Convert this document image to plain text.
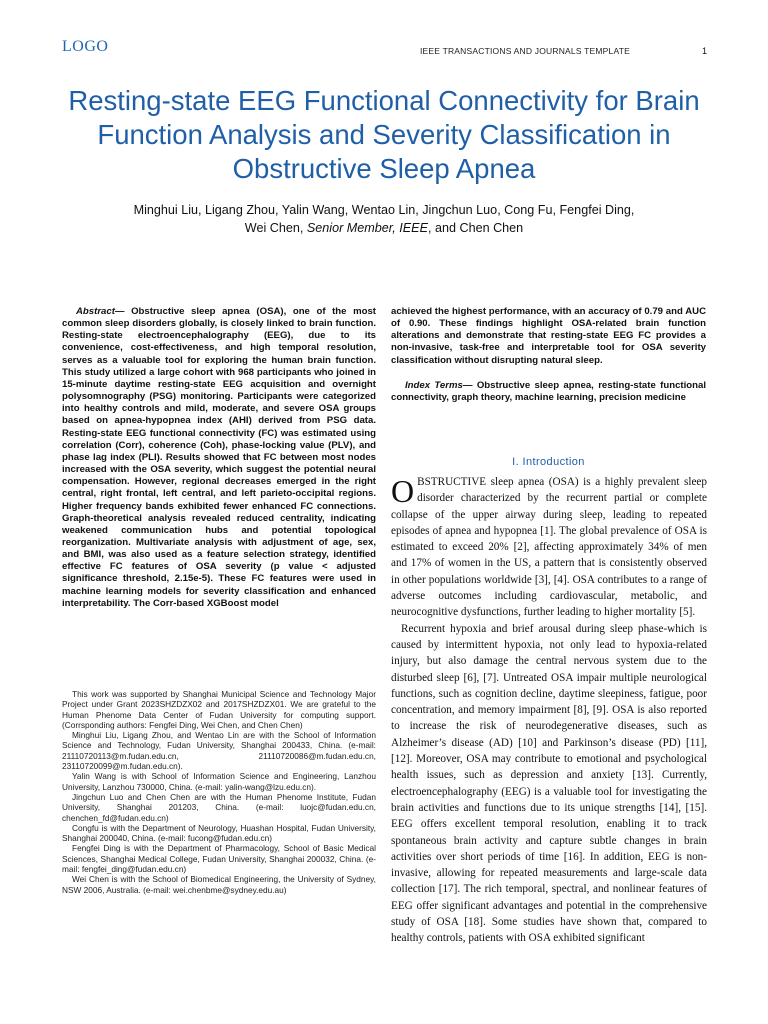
LOGO	IEEE TRANSACTIONS AND JOURNALS TEMPLATE	1
Resting-state EEG Functional Connectivity for Brain Function Analysis and Severity Classification in Obstructive Sleep Apnea
Minghui Liu, Ligang Zhou, Yalin Wang, Wentao Lin, Jingchun Luo, Cong Fu, Fengfei Ding,
Wei Chen, Senior Member, IEEE, and Chen Chen
Abstract— Obstructive sleep apnea (OSA), one of the most common sleep disorders globally, is closely linked to brain function. Resting-state electroencephalography (EEG), due to its convenience, cost-effectiveness, and high temporal resolution, serves as a valuable tool for exploring the human brain function. This study utilized a large cohort with 968 participants who joined in 15-minute daytime resting-state EEG acquisition and overnight polysomnography (PSG) monitoring. Participants were categorized into healthy controls and mild, moderate, and severe OSA groups based on apnea-hypopnea index (AHI) derived from PSG data. Resting-state EEG functional connectivity (FC) was estimated using correlation (Corr), coherence (Coh), phase-locking value (PLV), and phase lag index (PLI). Results showed that FC between most nodes increased with the OSA severity, which suggest the potential neural compensation. However, regional decreases emerged in the right central, right frontal, left central, and left parieto-occipital regions. Higher frequency bands exhibited fewer enhanced FC connections. Graph-theoretical analysis revealed reduced centrality, indicating weakened communication hubs and potential topological reorganization. Multivariate analysis with adjustment of age, sex, and BMI, was also used as a feature selection strategy, identified effective FC features of OSA severity (p value < adjusted significance threshold, 2.15e-5). These FC features were used in machine learning models for severity classification and enhanced interpretability. The Corr-based XGBoost model
achieved the highest performance, with an accuracy of 0.79 and AUC of 0.90. These findings highlight OSA-related brain function alterations and demonstrate that resting-state EEG FC provides a non-invasive, task-free and interpretable tool for OSA severity classification without disrupting natural sleep.
Index Terms— Obstructive sleep apnea, resting-state functional connectivity, graph theory, machine learning, precision medicine

This work was supported by Shanghai Municipal Science and Technology Major Project under Grant 2023SHZDZX02 and 2017SHZDZX01. We are grateful to the Human Phenome Data Center of Fudan University for computing support. (Corrsponding authors: Fengfei Ding, Wei Chen, and Chen Chen)

Minghui Liu, Ligang Zhou, and Wentao Lin are with the School of Information Science and Technology, Fudan University, Shanghai 200433, China. (e-mail: 21110720113@m.fudan.edu.cn, 21110720086@m.fudan.edu.cn, 23110720099@m.fudan.edu.cn).

Yalin Wang is with School of Information Science and Engineering, Lanzhou University, Lanzhou 730000, China. (e-mail: yalin-wang@lzu.edu.cn).

Jingchun Luo and Chen Chen are with the Human Phenome Institute, Fudan University, Shanghai 201203, China. (e-mail: luojc@fudan.edu.cn, chenchen_fd@fudan.edu.cn)

Congfu is with the Department of Neurology, Huashan Hospital, Fudan University, Shanghai 200040, China. (e-mail: fucong@fudan.edu.cn)

Fengfei Ding is with the Department of Pharmacology, School of Basic Medical Sciences, Shanghai Medical College, Fudan University, Shanghai 200032, China. (e-mail: fengfei_ding@fudan.edu.cn)

Wei Chen is with the School of Biomedical Engineering, the University of Sydney, NSW 2006, Australia. (e-mail: wei.chenbme@sydney.edu.au)

I. Introduction

OBSTRUCTIVE sleep apnea (OSA) is a highly prevalent sleep disorder characterized by the recurrent partial or complete collapse of the upper airway during sleep, leading to repeated episodes of apnea and hypopnea [1]. The global prevalence of OSA is estimated to exceed 20% [2], affecting approximately 34% of men and 17% of women in the US, a pattern that is consistently observed in other populations worldwide [3], [4]. OSA contributes to a range of adverse outcomes including cardiovascular, metabolic, and neurocognitive dysfunctions, further leading to higher mortality [5].

Recurrent hypoxia and brief arousal during sleep phase-which is caused by intermittent hypoxia, not only lead to hypoxia-related injury, but also damage the central nervous system due to the disturbed sleep [6], [7]. Untreated OSA impair multiple neurological functions, such as cognition decline, daytime sleepiness, fatigue, poor concentration, and memory impairment [8], [9]. OSA is also reported to increase the risk of neurodegenerative diseases, such as Alzheimer’s disease (AD) [10] and Parkinson’s disease (PD) [11], [12]. Moreover, OSA may contribute to emotional and psychological health issues, such as depression and anxiety [13]. Currently, electroencephalography (EEG) is a valuable tool for investigating the brain activities and functions due to its unique strengths [14], [15]. EEG offers excellent temporal resolution, enabling it to track spontaneous brain activity and capture subtle changes in brain activities over short periods of time [16]. In addition, EEG is non-invasive, allowing for repeated measurements and large-scale data collection [17]. The rich temporal, spectral, and nonlinear features of EEG offer significant advantages and potential in the comprehensive study of OSA [18]. Some studies have shown that, compared to healthy controls, patients with OSA exhibited significant
